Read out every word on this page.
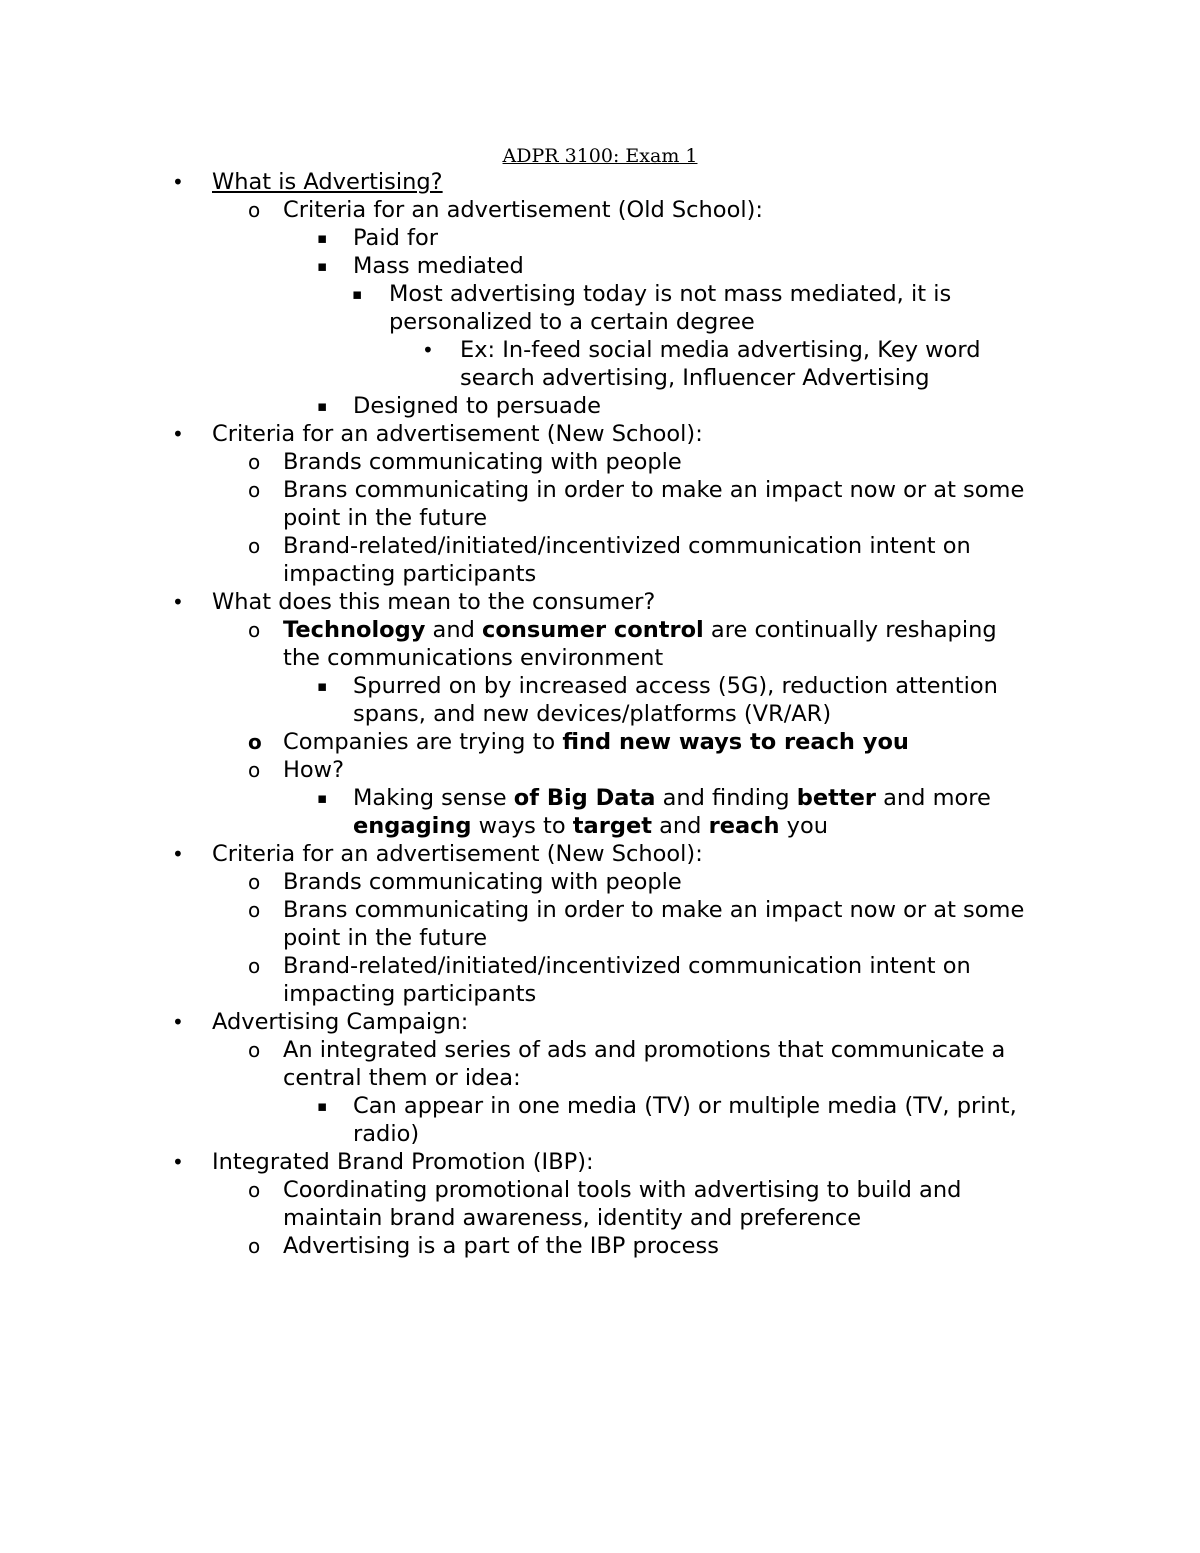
ADPR 3100: Exam 1
• What is Advertising?
o Criteria for an advertisement (Old School):
▪ Paid for
▪ Mass mediated
▪ Most advertising today is not mass mediated, it is
personalized to a certain degree
• Ex: In-feed social media advertising, Key word
search advertising, Influencer Advertising
▪ Designed to persuade
• Criteria for an advertisement (New School):
o Brands communicating with people
o Brans communicating in order to make an impact now or at some
point in the future
o Brand-related/initiated/incentivized communication intent on
impacting participants
• What does this mean to the consumer?
o Technology and consumer control are continually reshaping
the communications environment
▪ Spurred on by increased access (5G), reduction attention
spans, and new devices/platforms (VR/AR)
o Companies are trying to find new ways to reach you
o How?
▪ Making sense of Big Data and finding better and more
engaging ways to target and reach you
• Criteria for an advertisement (New School):
o Brands communicating with people
o Brans communicating in order to make an impact now or at some
point in the future
o Brand-related/initiated/incentivized communication intent on
impacting participants
• Advertising Campaign:
o An integrated series of ads and promotions that communicate a
central them or idea:
▪ Can appear in one media (TV) or multiple media (TV, print,
radio)
• Integrated Brand Promotion (IBP):
o Coordinating promotional tools with advertising to build and
maintain brand awareness, identity and preference
o Advertising is a part of the IBP process
